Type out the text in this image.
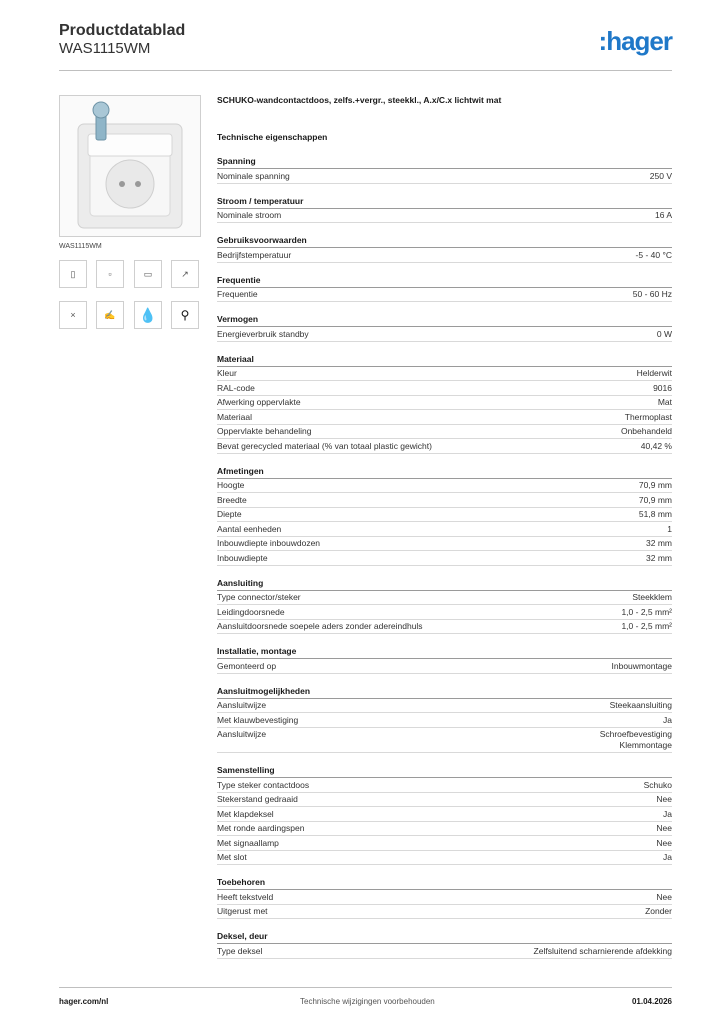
Productdatablad
WAS1115WM	:hager
WAS1115WM
▯	▫	▭	↗
×	✍	💧	⚲
SCHUKO-wandcontactdoos, zelfs.+vergr., steekkl., A.x/C.x lichtwit mat
Technische eigenschappen
Spanning
Nominale spanning	250 V
Stroom / temperatuur
Nominale stroom	16 A
Gebruiksvoorwaarden
Bedrijfstemperatuur	-5 - 40 °C
Frequentie
Frequentie	50 - 60 Hz
Vermogen
Energieverbruik standby	0 W
Materiaal
Kleur	Helderwit
RAL-code	9016
Afwerking oppervlakte	Mat
Materiaal	Thermoplast
Oppervlakte behandeling	Onbehandeld
Bevat gerecycled materiaal (% van totaal plastic gewicht)	40,42 %
Afmetingen
Hoogte	70,9 mm
Breedte	70,9 mm
Diepte	51,8 mm
Aantal eenheden	1
Inbouwdiepte inbouwdozen	32 mm
Inbouwdiepte	32 mm
Aansluiting
Type connector/steker	Steekklem
Leidingdoorsnede	1,0 - 2,5 mm²
Aansluitdoorsnede soepele aders zonder adereindhuls	1,0 - 2,5 mm²
Installatie, montage
Gemonteerd op	Inbouwmontage
Aansluitmogelijkheden
Aansluitwijze	Steekaansluiting
Met klauwbevestiging	Ja
Aansluitwijze	Schroefbevestiging
Klemmontage
Samenstelling
Type steker contactdoos	Schuko
Stekerstand gedraaid	Nee
Met klapdeksel	Ja
Met ronde aardingspen	Nee
Met signaallamp	Nee
Met slot	Ja
Toebehoren
Heeft tekstveld	Nee
Uitgerust met	Zonder
Deksel, deur
Type deksel	Zelfsluitend scharnierende afdekking
hager.com/nl	Technische wijzigingen voorbehouden	01.04.2026
